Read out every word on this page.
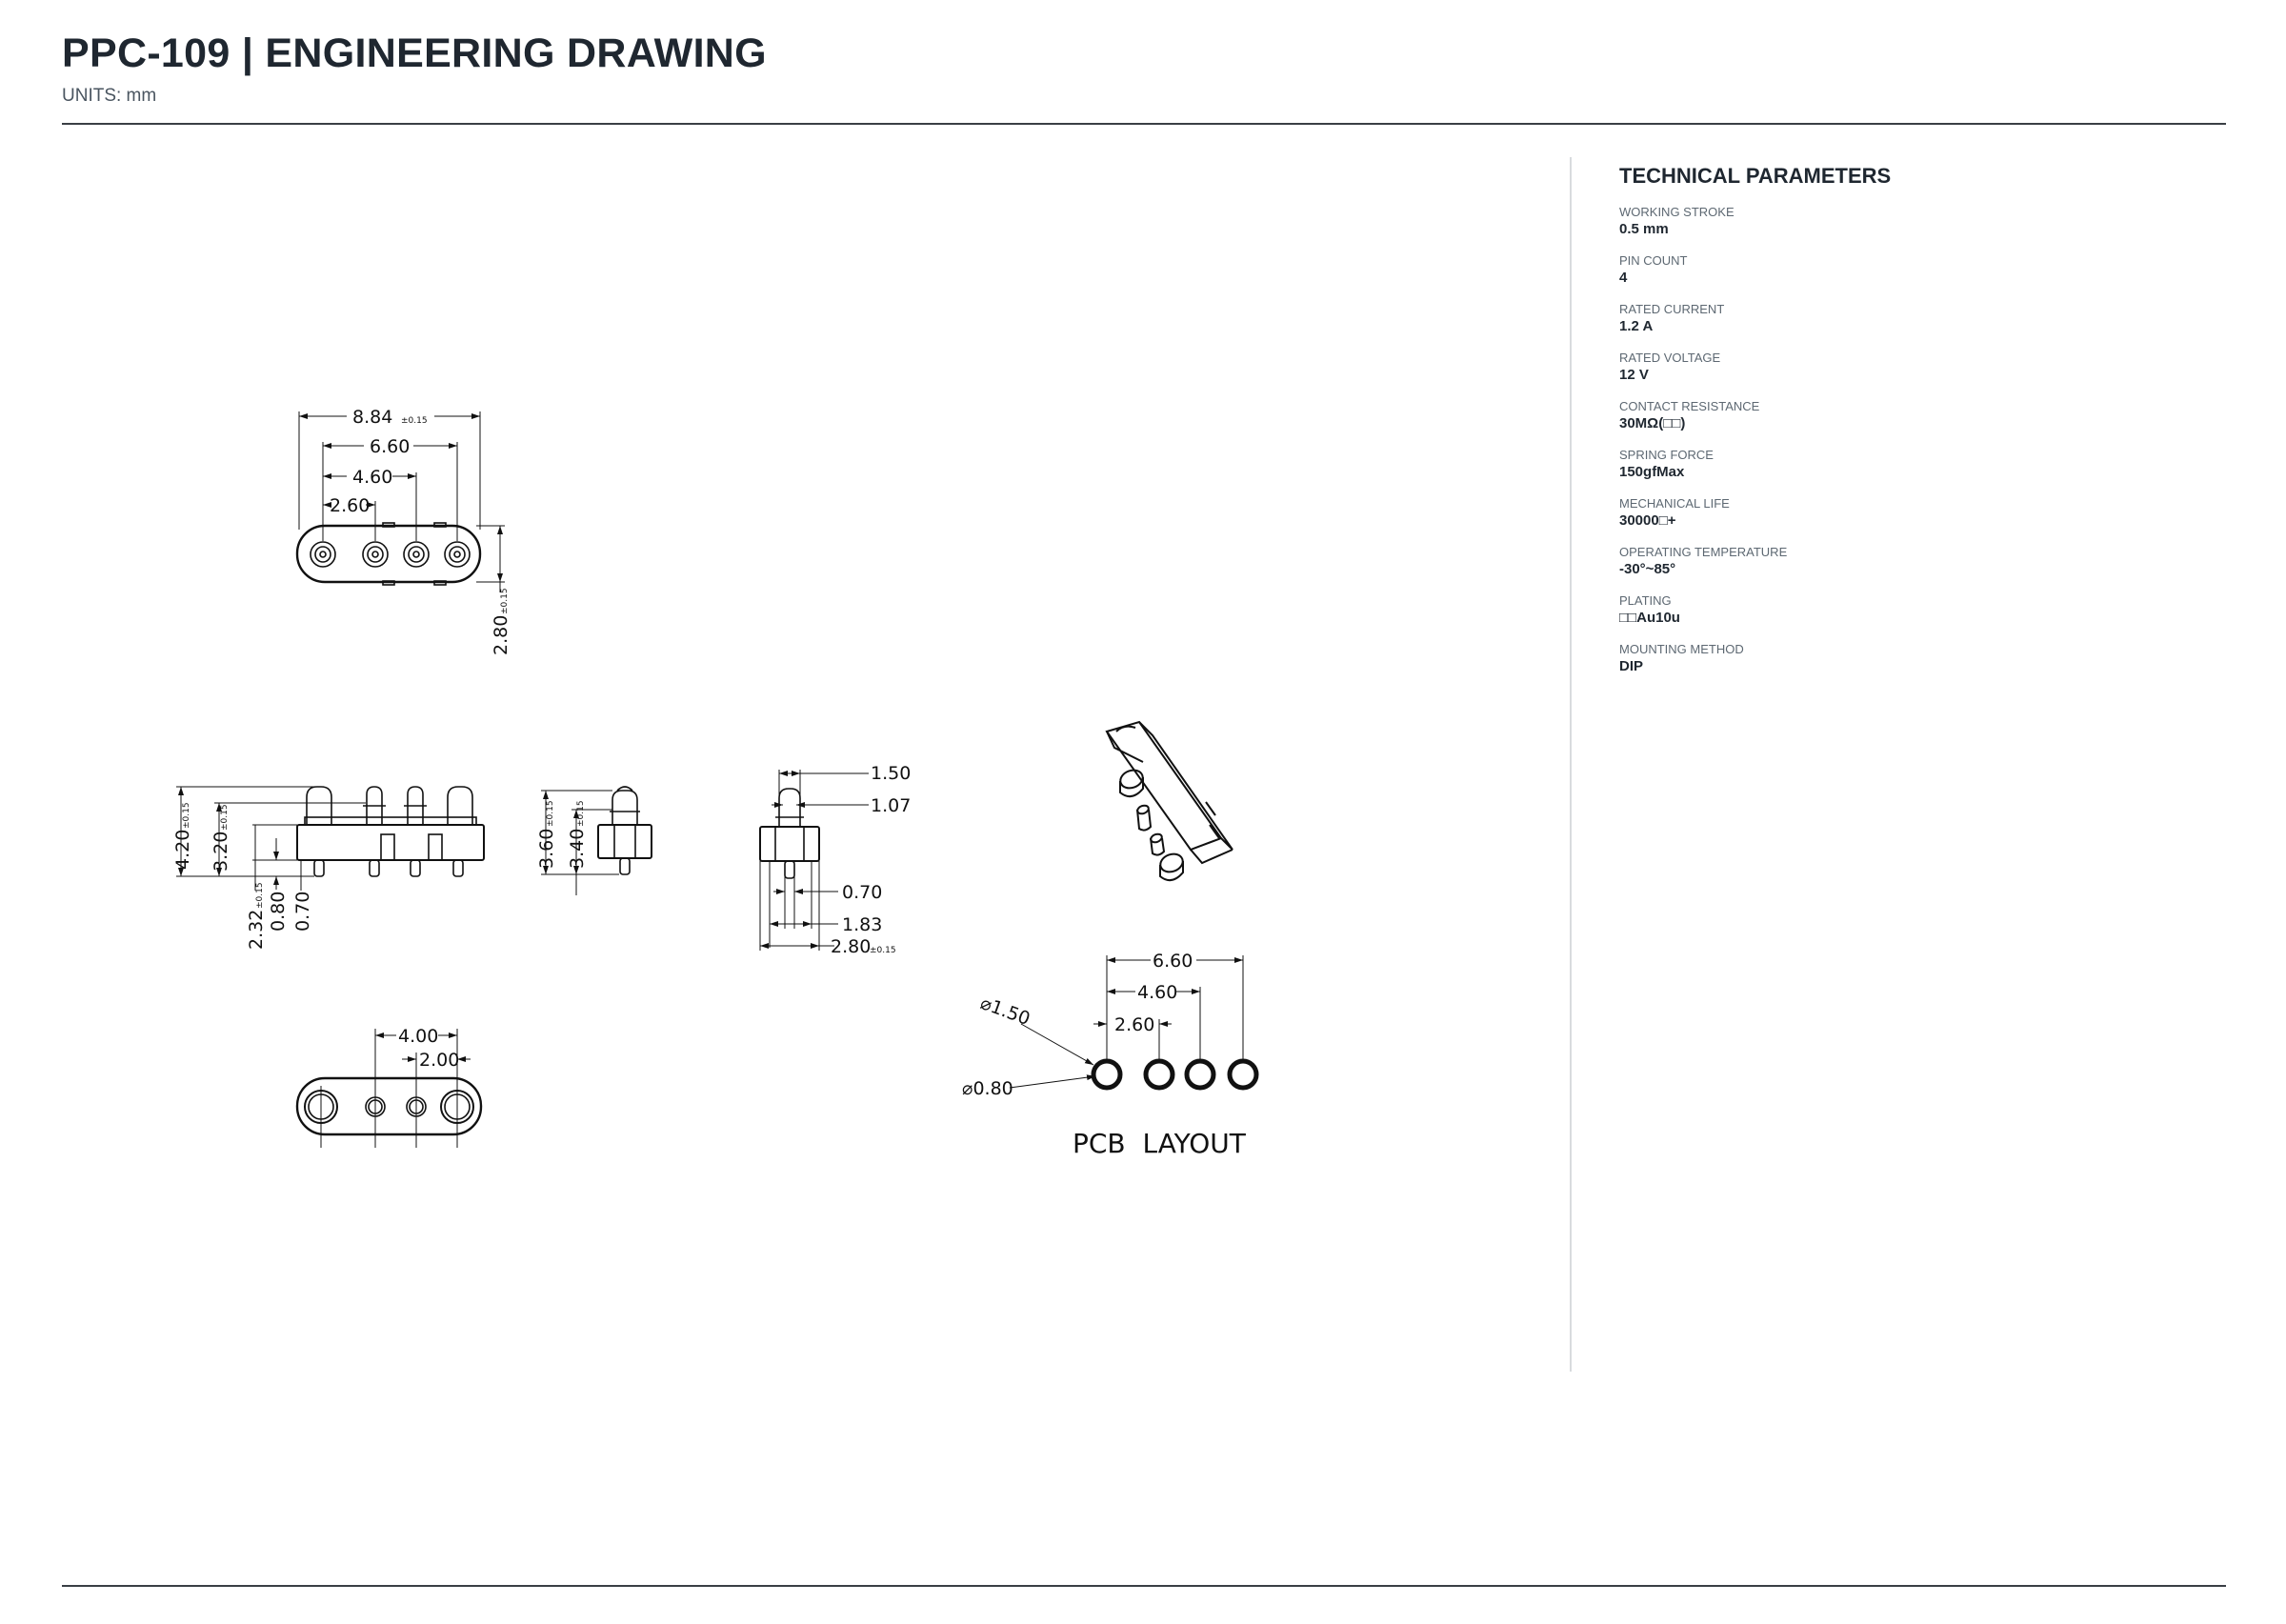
PPC-109 | ENGINEERING DRAWING
UNITS: mm
8.84 ±0.15
6.60
4.60
2.60
2.80
±0.15
4.20
±0.15
3.20
±0.15
2.32
±0.15 0.80 0.70
3.60
±0.15
3.40
±0.15
1.50
1.07
0.70
1.83
2.80
±0.15
4.00
2.00
6.60
4.60
2.60
⌀1.50
⌀0.80
PCB  LAYOUT
TECHNICAL PARAMETERS
WORKING STROKE
0.5 mm
PIN COUNT
4
RATED CURRENT
1.2 A
RATED VOLTAGE
12 V
CONTACT RESISTANCE
30MΩ(□□)
SPRING FORCE
150gfMax
MECHANICAL LIFE
30000□+
OPERATING TEMPERATURE
-30°~85°
PLATING
□□Au10u
MOUNTING METHOD
DIP
